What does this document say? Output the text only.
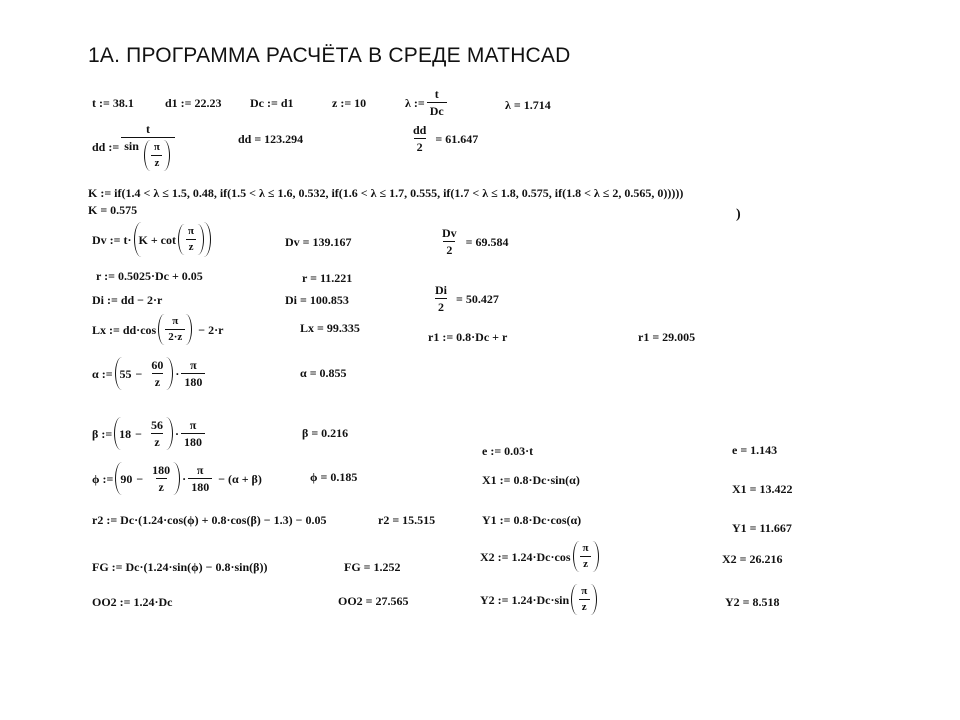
1А. ПРОГРАММА РАСЧЁТА В СРЕДЕ MATHCAD
t := 38.1	d1 := 22.23 Dc := d1	z := 10	λ := $\frac{t}{Dc}$	λ = 1.714
dd := $\frac{t}{\sin \frac{\pi}{z}}$	dd = 123.294	$\frac{dd}{2} = 61.647$
K := if(1.4 < λ ≤ 1.5, 0.48, if(1.5 < λ ≤ 1.6, 0.532, if(1.6 < λ ≤ 1.7, 0.555, if(1.7 < λ ≤ 1.8, 0.575, if(1.8 < λ ≤ 2, 0.565, 0)))))
)
K = 0.575
Dv := $t\cdot K + \cot \frac{\pi}{z}$	Dv = 139.167	$\frac{Dv}{2} = 69.584$
r := 0.5025·Dc + 0.05	r = 11.221
Di := dd − 2·r	Di = 100.853	$\frac{Di}{2} = 50.427$
Lx := $dd\cdot\cos \frac{\pi}{2\cdot z} - 2\cdot r$	Lx = 99.335
r1 := 0.8·Dc + r	r1 = 29.005
α := $55 - \frac{60}{z} \cdot \frac{\pi}{180}$	α = 0.855
β := $18 - \frac{56}{z} \cdot \frac{\pi}{180}$	β = 0.216
e := 0.03·t	e = 1.143
ϕ := $90 - \frac{180}{z} \cdot \frac{\pi}{180} - (\alpha + \beta)$	ϕ = 0.185	X1 := 0.8·Dc·sin(α)
X1 = 13.422
r2 := Dc·(1.24·cos(ϕ) + 0.8·cos(β) − 1.3) − 0.05	r2 = 15.515	Y1 := 0.8·Dc·cos(α)
Y1 = 11.667
X2 := $1.24\cdot Dc\cdot\cos \frac{\pi}{z}$	X2 = 26.216
FG := Dc·(1.24·sin(ϕ) − 0.8·sin(β))	FG = 1.252
OO2 := 1.24·Dc	OO2 = 27.565	Y2 := $1.24\cdot Dc\cdot\sin \frac{\pi}{z}$	Y2 = 8.518
